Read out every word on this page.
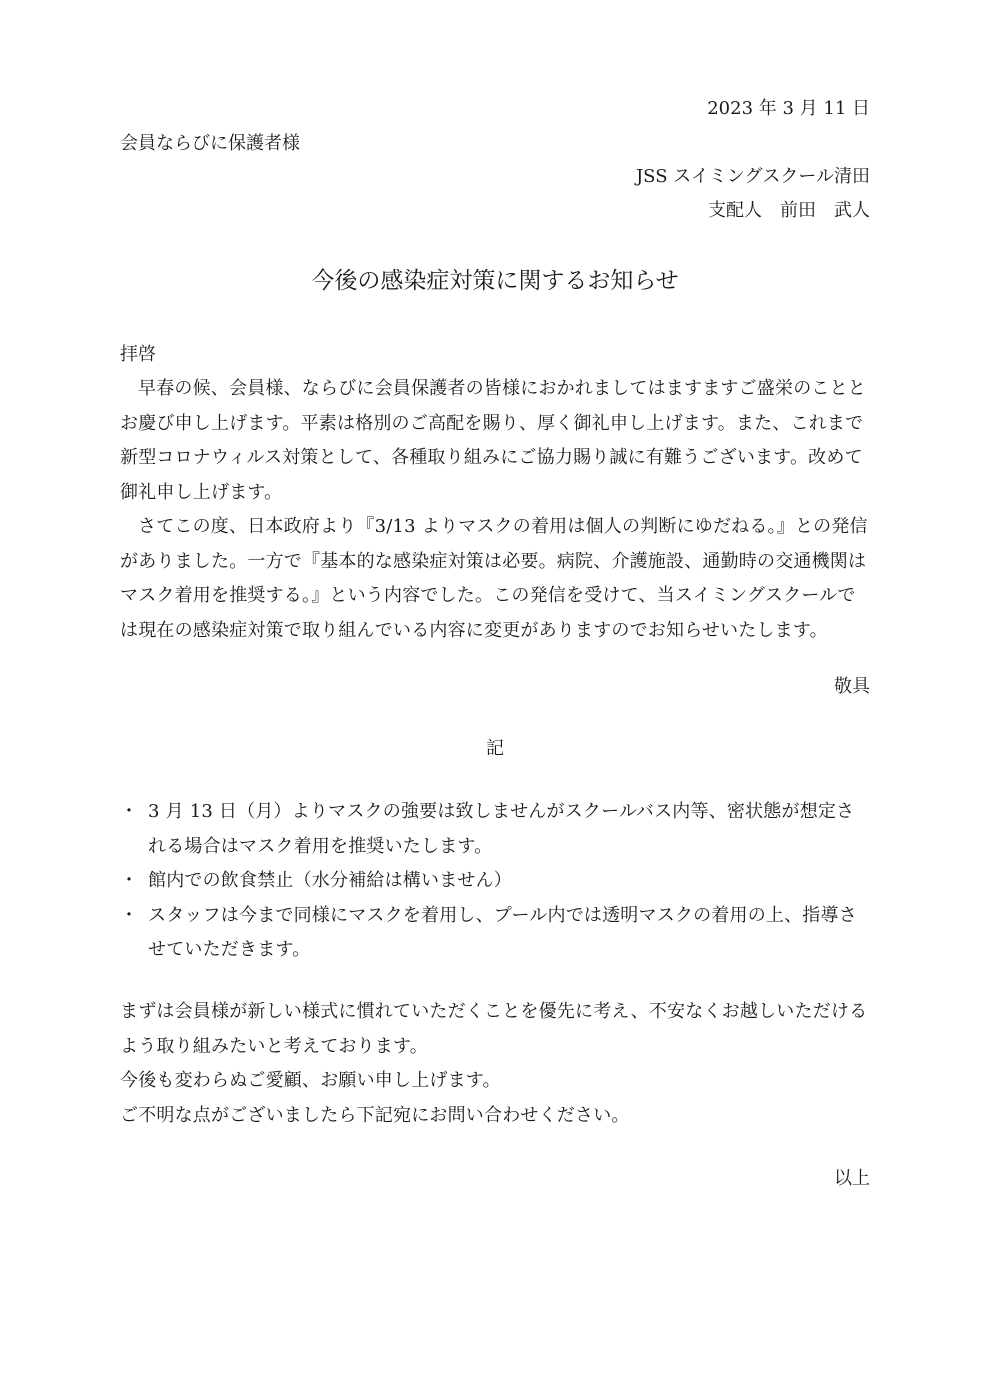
2023 年 3 月 11 日
会員ならびに保護者様
JSS スイミングスクール清田
支配人　前田　武人
今後の感染症対策に関するお知らせ
拝啓
早春の候、会員様、ならびに会員保護者の皆様におかれましてはますますご盛栄のこととお慶び申し上げます。平素は格別のご高配を賜り、厚く御礼申し上げます。また、これまで新型コロナウィルス対策として、各種取り組みにご協力賜り誠に有難うございます。改めて御礼申し上げます。
さてこの度、日本政府より『3/13 よりマスクの着用は個人の判断にゆだねる。』との発信がありました。一方で『基本的な感染症対策は必要。病院、介護施設、通勤時の交通機関はマスク着用を推奨する。』という内容でした。この発信を受けて、当スイミングスクールでは現在の感染症対策で取り組んでいる内容に変更がありますのでお知らせいたします。
敬具
記
・ 3 月 13 日（月）よりマスクの強要は致しませんがスクールバス内等、密状態が想定される場合はマスク着用を推奨いたします。
・ 館内での飲食禁止（水分補給は構いません）
・ スタッフは今まで同様にマスクを着用し、プール内では透明マスクの着用の上、指導させていただきます。
まずは会員様が新しい様式に慣れていただくことを優先に考え、不安なくお越しいただけるよう取り組みたいと考えております。
今後も変わらぬご愛顧、お願い申し上げます。
ご不明な点がございましたら下記宛にお問い合わせください。
以上
